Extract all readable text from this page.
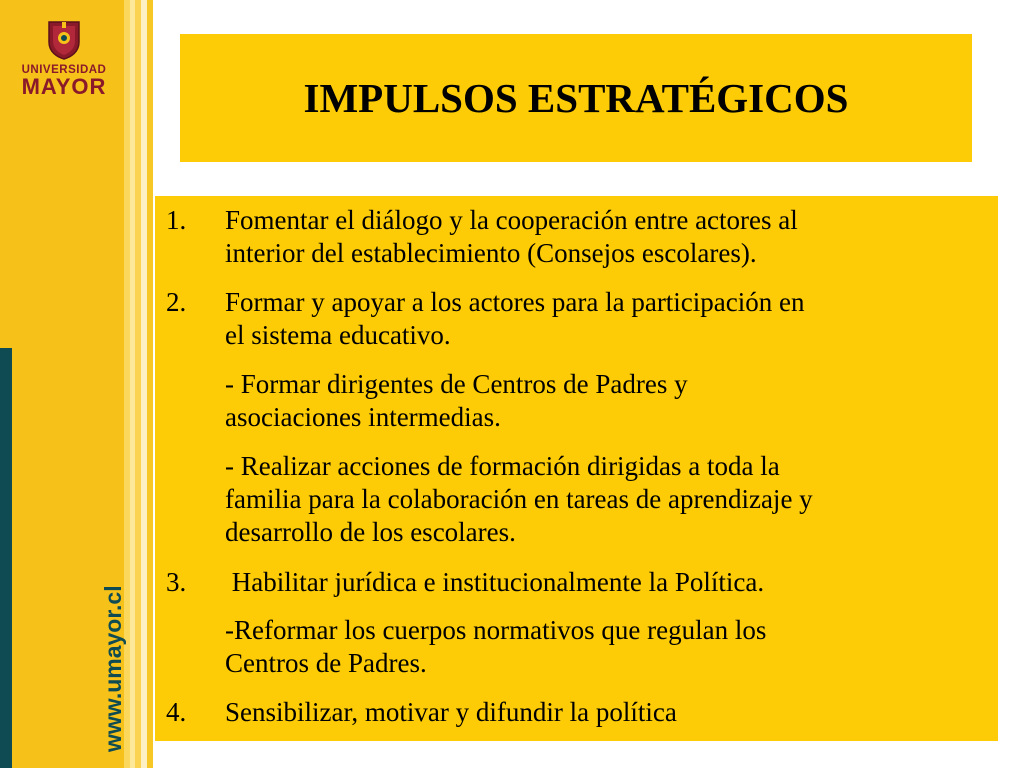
UNIVERSIDAD
MAYOR
www.umayor.cl
IMPULSOS ESTRATÉGICOS
1. Fomentar el diálogo y la cooperación entre actores al
interior del establecimiento (Consejos escolares).
2. Formar y apoyar a los actores para la participación en
el sistema educativo.
- Formar dirigentes de Centros de Padres y
asociaciones intermedias.
- Realizar acciones de formación dirigidas a toda la
familia para la colaboración en tareas de aprendizaje y
desarrollo de los escolares.
3. Habilitar jurídica e institucionalmente la Política.
-Reformar los cuerpos normativos que regulan los
Centros de Padres.
4. Sensibilizar, motivar y difundir la política
